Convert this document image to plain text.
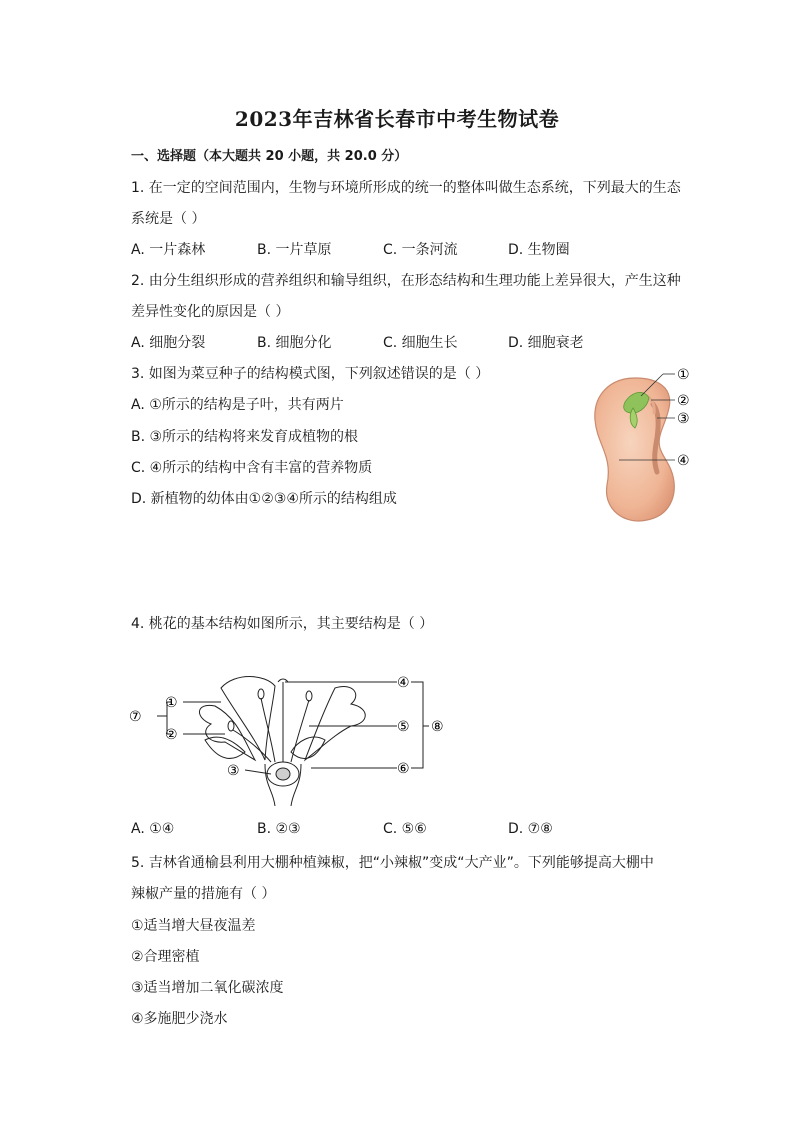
2023年吉林省长春市中考生物试卷
一、选择题（本大题共 20 小题，共 20.0 分）
1. 在一定的空间范围内，生物与环境所形成的统一的整体叫做生态系统，下列最大的生态
系统是（ ）
A. 一片森林	B. 一片草原	C. 一条河流	D. 生物圈
2. 由分生组织形成的营养组织和输导组织，在形态结构和生理功能上差异很大，产生这种
差异性变化的原因是（ ）
A. 细胞分裂	B. 细胞分化	C. 细胞生长	D. 细胞衰老
3. 如图为菜豆种子的结构模式图，下列叙述错误的是（ ）
A. ①所示的结构是子叶，共有两片
B. ③所示的结构将来发育成植物的根
C. ④所示的结构中含有丰富的营养物质
D. 新植物的幼体由①②③④所示的结构组成
①
②
③
④
4. 桃花的基本结构如图所示，其主要结构是（ ）
①
②
③
④
⑤
⑥
⑦
⑧
A. ①④	B. ②③	C. ⑤⑥	D. ⑦⑧
5. 吉林省通榆县利用大棚种植辣椒，把“小辣椒”变成“大产业”。下列能够提高大棚中
辣椒产量的措施有（ ）
①适当增大昼夜温差
②合理密植
③适当增加二氧化碳浓度
④多施肥少浇水
